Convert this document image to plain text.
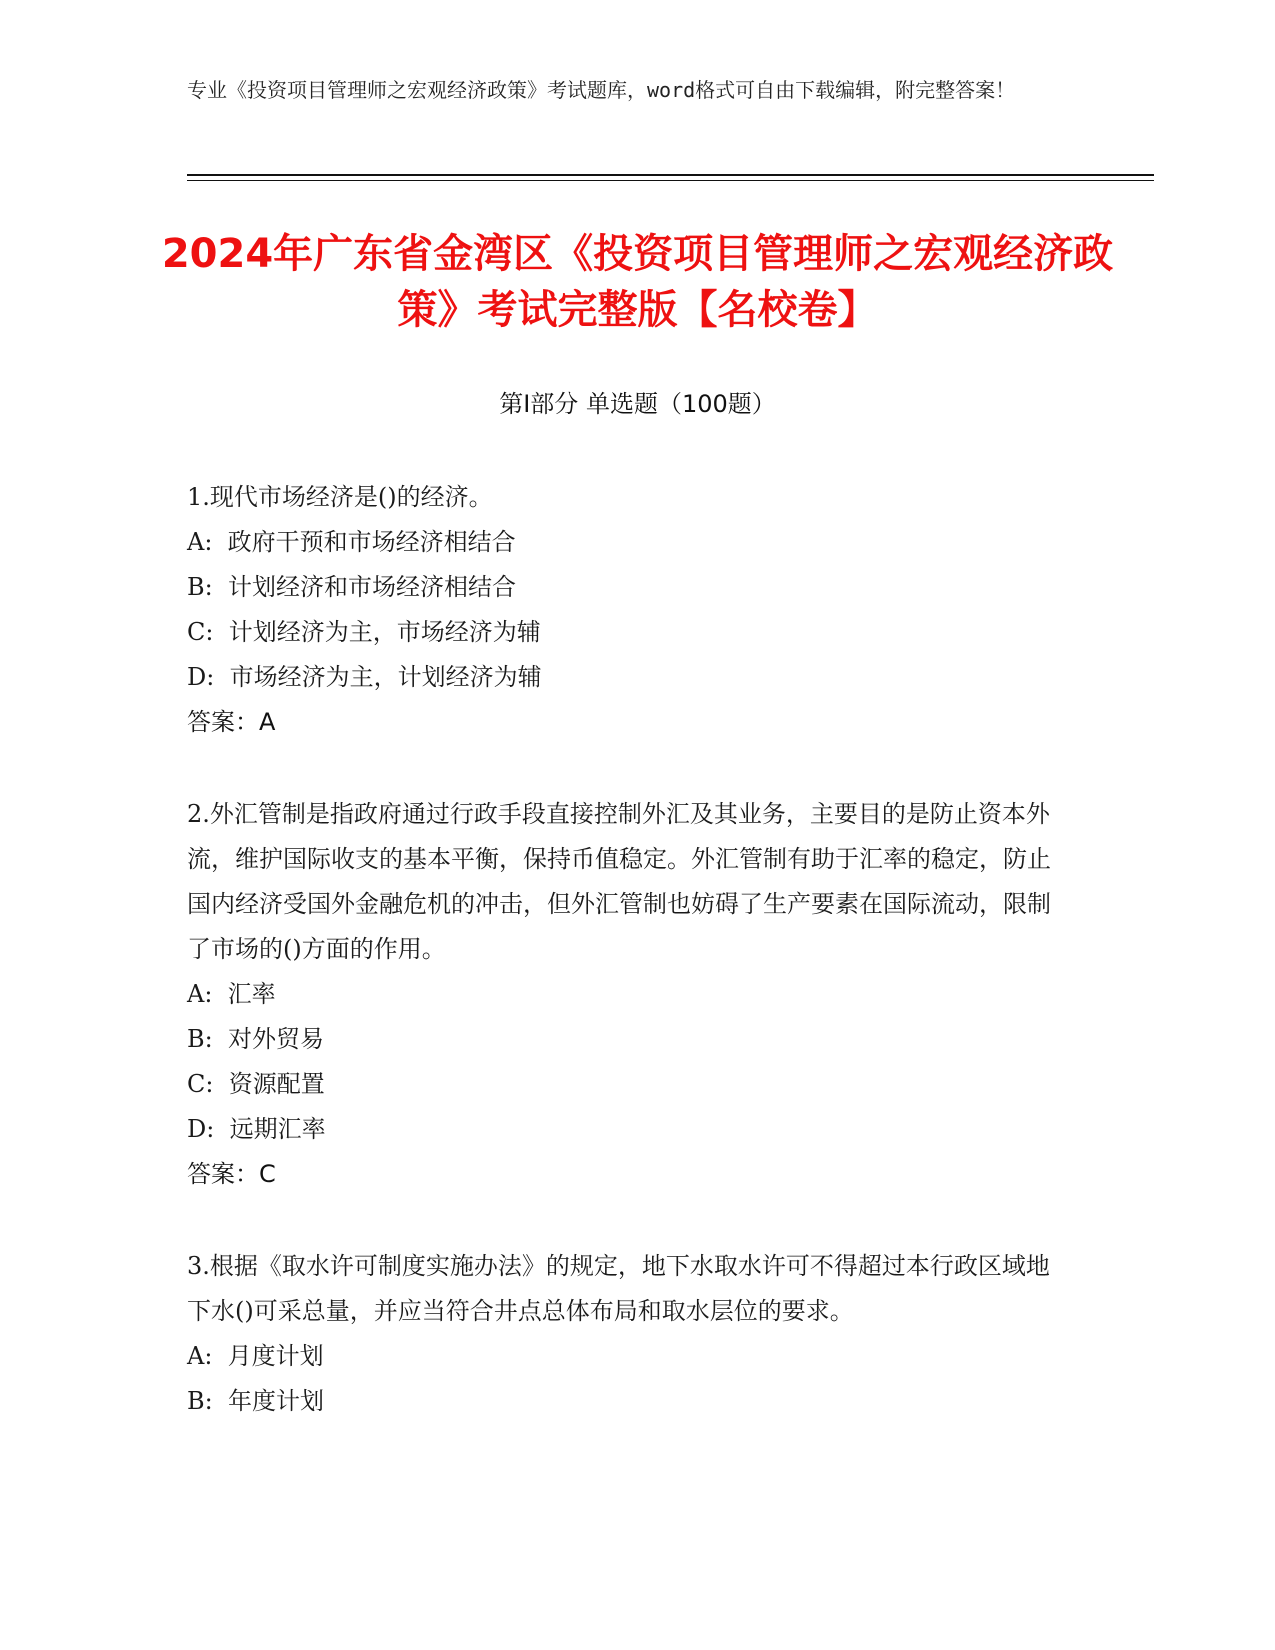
专业《投资项目管理师之宏观经济政策》考试题库，word格式可自由下载编辑，附完整答案！
2024年广东省金湾区《投资项目管理师之宏观经济政策》考试完整版【名校卷】
第Ⅰ部分 单选题（100题）
1.现代市场经济是()的经济。
A:  政府干预和市场经济相结合
B:  计划经济和市场经济相结合
C:  计划经济为主，市场经济为辅
D:  市场经济为主，计划经济为辅
答案：A
2.外汇管制是指政府通过行政手段直接控制外汇及其业务，主要目的是防止资本外流，维护国际收支的基本平衡，保持币值稳定。外汇管制有助于汇率的稳定，防止国内经济受国外金融危机的冲击，但外汇管制也妨碍了生产要素在国际流动，限制了市场的()方面的作用。
A:  汇率
B:  对外贸易
C:  资源配置
D:  远期汇率
答案：C
3.根据《取水许可制度实施办法》的规定，地下水取水许可不得超过本行政区域地下水()可采总量，并应当符合井点总体布局和取水层位的要求。
A:  月度计划
B:  年度计划
